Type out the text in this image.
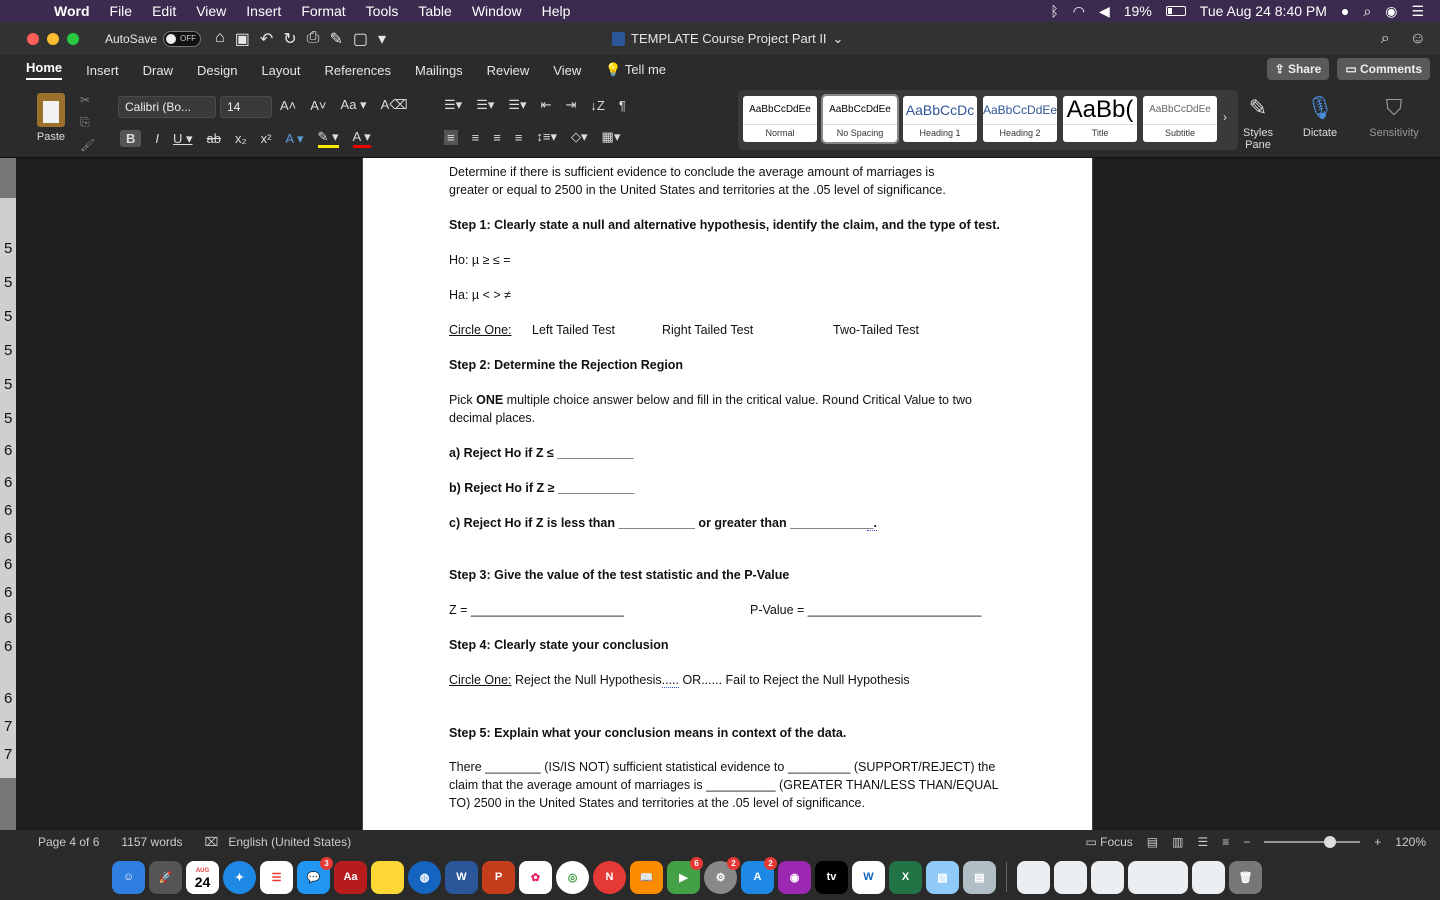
Word File Edit View Insert Format Tools Table Window Help	ᛒ ◠ ◀ 19%	Tue Aug 24 8:40 PM ● ⌕ ◉ ☰
AutoSave	OFF ⌂ ▣ ↶ ↻ ⎙ ✎ ▢ ▾	TEMPLATE Course Project Part II ⌄	⌕ ☺
Home Insert Draw Design Layout References Mailings Review View 💡 Tell me	⇪ Share	▭ Comments
Paste
✂
⎘
🖌
Calibri (Bo...	14	A˄ A˅ Aa ▾ A⌫
B	I U ▾ ab x₂ x² A ▾ ✎ ▾ A ▾
☰▾ ☰▾ ☰▾ ⇤ ⇥ ↓Z ¶
≡ ≡ ≡ ≡ ↕≡▾ ◇▾ ▦▾
AaBbCcDdEe
Normal
AaBbCcDdEe
No Spacing
AaBbCcDc
Heading 1
AaBbCcDdEe
Heading 2
AaBb(
Title
AaBbCcDdEe
Subtitle
› ✎
Styles Pane
🎙
Dictate
⛉
Sensitivity
5
5
5
5
5
5
6
6
6
6
6
6
6
6
6
7
7
Determine if there is sufficient evidence to conclude the average amount of marriages is
greater or equal to 2500 in the United States and territories at the .05 level of significance.
Step 1: Clearly state a null and alternative hypothesis, identify the claim, and the type of test.
Ho: µ ≥ ≤ =
Ha: µ < > ≠
Circle One: Left Tailed Test	Right Tailed Test	Two-Tailed Test
Step 2: Determine the Rejection Region
Pick ONE multiple choice answer below and fill in the critical value. Round Critical Value to two
decimal places.
a) Reject Ho if Z ≤ ___________
b) Reject Ho if Z ≥ ___________
c) Reject Ho if Z is less than ___________ or greater than ____________.
Step 3: Give the value of the test statistic and the P-Value
Z = ______________________	P-Value = _________________________
Step 4: Clearly state your conclusion
Circle One: Reject the Null Hypothesis..... OR...... Fail to Reject the Null Hypothesis
Step 5: Explain what your conclusion means in context of the data.
There ________ (IS/IS NOT) sufficient statistical evidence to _________ (SUPPORT/REJECT) the
claim that the average amount of marriages is __________ (GREATER THAN/LESS THAN/EQUAL
TO) 2500 in the United States and territories at the .05 level of significance.
Page 4 of 6 1157 words ⌧ English (United States)	▭ Focus ▤ ▥ ☰ ≡ −	+ 120%
☺	🚀
AUG
24	✦	☰	💬
3
Aa	◍	W	P	✿	◎	N	📖	▶
6
⚙
2
A
2
◉	tv	W	X	▧	▤	🗑
